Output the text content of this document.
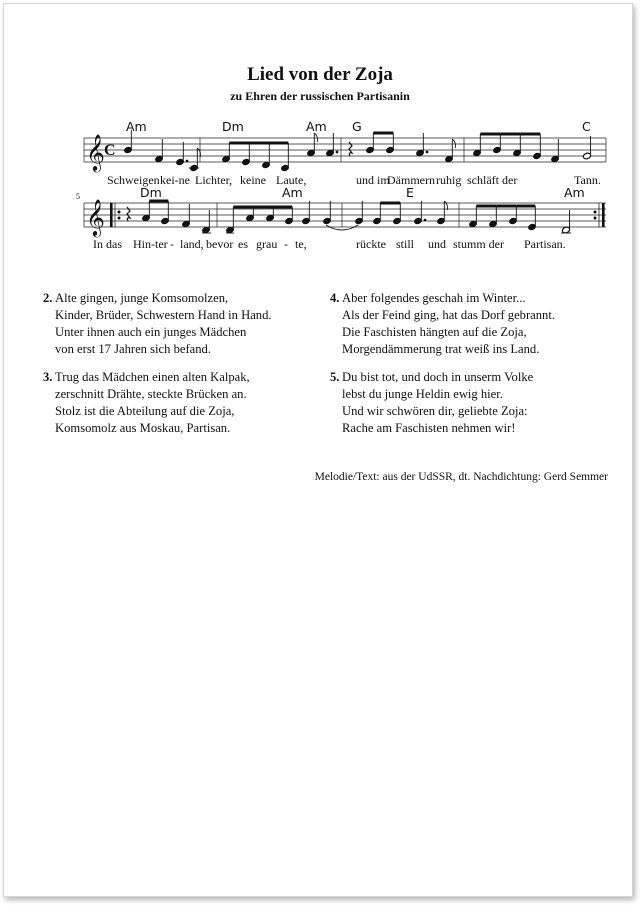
Lied von der Zoja
zu Ehren der russischen Partisanin
𝄞
𝄞
C
5
Am	Dm	Am G	C
Dm	Am	E	Am
Schweigen kei-ne Lichter, keine Laute,	und im
Dämmern ruhig schläft der	Tann.
In das Hin-ter - land, bevor es grau - te,	rückte still und stumm der Partisan.
2. Alte gingen, junge Komsomolzen,
Kinder, Brüder, Schwestern Hand in Hand.
Unter ihnen auch ein junges Mädchen
von erst 17 Jahren sich befand.
3. Trug das Mädchen einen alten Kalpak,
zerschnitt Drähte, steckte Brücken an.
Stolz ist die Abteilung auf die Zoja,
Komsomolz aus Moskau, Partisan.
4. Aber folgendes geschah im Winter...
Als der Feind ging, hat das Dorf gebrannt.
Die Faschisten hängten auf die Zoja,
Morgendämmerung trat weiß ins Land.
5. Du bist tot, und doch in unserm Volke
lebst du junge Heldin ewig hier.
Und wir schwören dir, geliebte Zoja:
Rache am Faschisten nehmen wir!
Melodie/Text: aus der UdSSR, dt. Nachdichtung: Gerd Semmer
